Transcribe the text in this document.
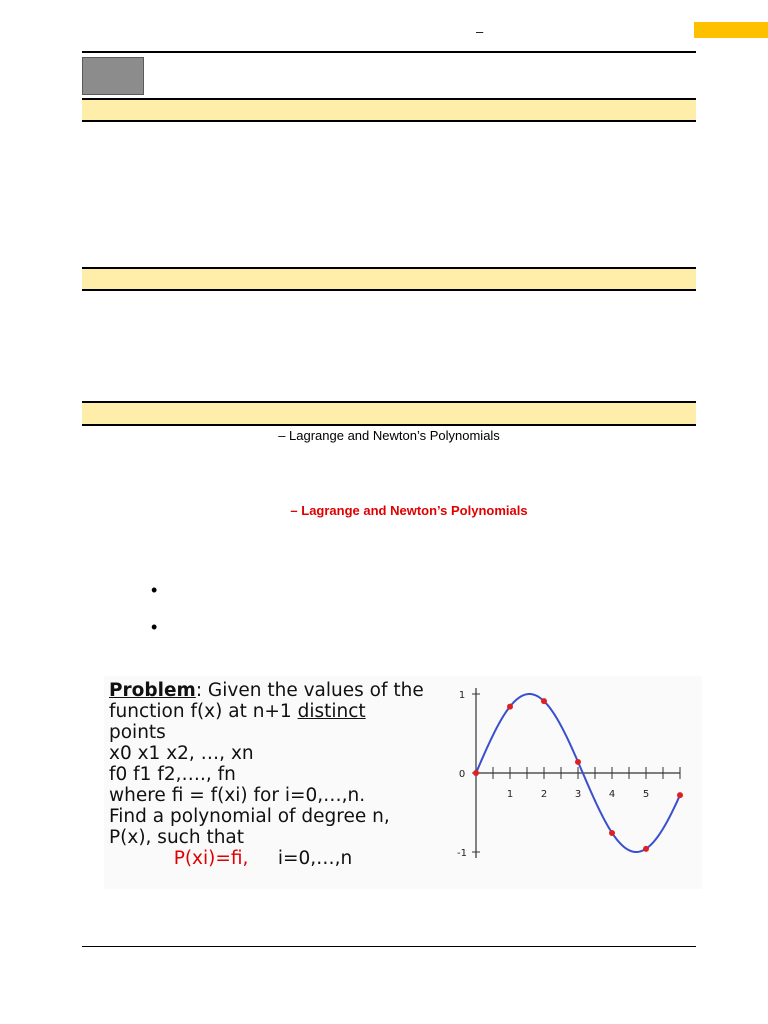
–
– Lagrange and Newton’s Polynomials
– Lagrange and Newton’s Polynomials
•
•
Problem: Given the values of the
function f(x) at n+1 distinct
points
x0 x1 x2, …, xn
f0 f1 f2,…., fn
where fi = f(xi) for i=0,…,n.
Find a polynomial of degree n,
P(x), such that
P(xi)=fi, i=0,…,n
1
0
-1
1	2	3	4	5
